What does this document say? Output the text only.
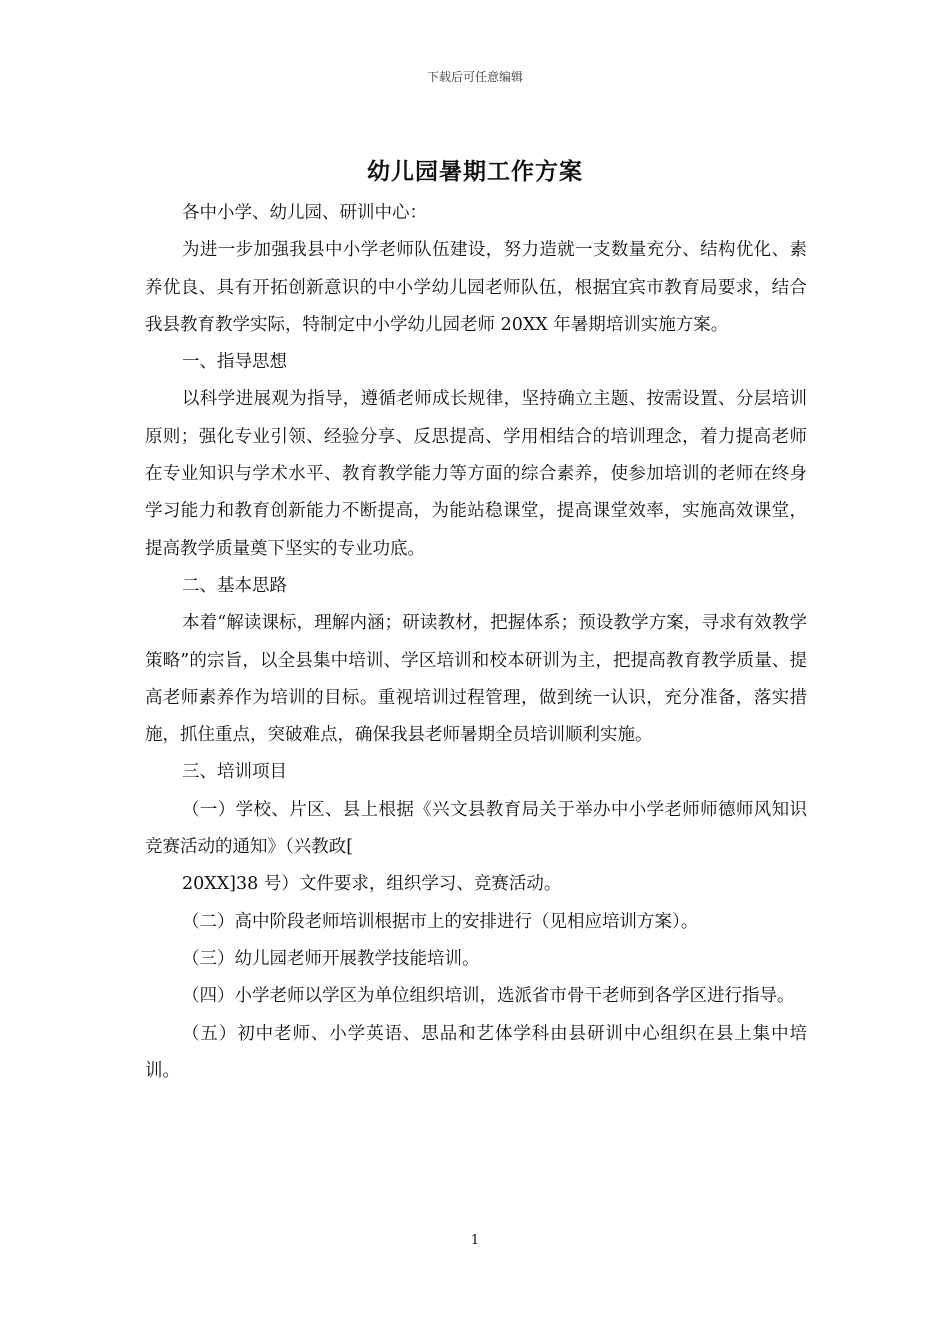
下载后可任意编辑
幼儿园暑期工作方案

各中小学、幼儿园、研训中心：

为进一步加强我县中小学老师队伍建设，努力造就一支数量充分、结构优化、素养优良、具有开拓创新意识的中小学幼儿园老师队伍，根据宜宾市教育局要求，结合我县教育教学实际，特制定中小学幼儿园老师 20XX 年暑期培训实施方案。

一、指导思想

以科学进展观为指导，遵循老师成长规律，坚持确立主题、按需设置、分层培训原则；强化专业引领、经验分享、反思提高、学用相结合的培训理念，着力提高老师在专业知识与学术水平、教育教学能力等方面的综合素养，使参加培训的老师在终身学习能力和教育创新能力不断提高，为能站稳课堂，提高课堂效率，实施高效课堂，提高教学质量奠下坚实的专业功底。

二、基本思路

本着“解读课标，理解内涵；研读教材，把握体系；预设教学方案，寻求有效教学策略”的宗旨，以全县集中培训、学区培训和校本研训为主，把提高教育教学质量、提高老师素养作为培训的目标。重视培训过程管理，做到统一认识，充分准备，落实措施，抓住重点，突破难点，确保我县老师暑期全员培训顺利实施。

三、培训项目

（一）学校、片区、县上根据《兴文县教育局关于举办中小学老师师德师风知识竞赛活动的通知》（兴教政[

20XX]38 号）文件要求，组织学习、竞赛活动。

（二）高中阶段老师培训根据市上的安排进行（见相应培训方案）。

（三）幼儿园老师开展教学技能培训。

（四）小学老师以学区为单位组织培训，选派省市骨干老师到各学区进行指导。

（五）初中老师、小学英语、思品和艺体学科由县研训中心组织在县上集中培训。

1
